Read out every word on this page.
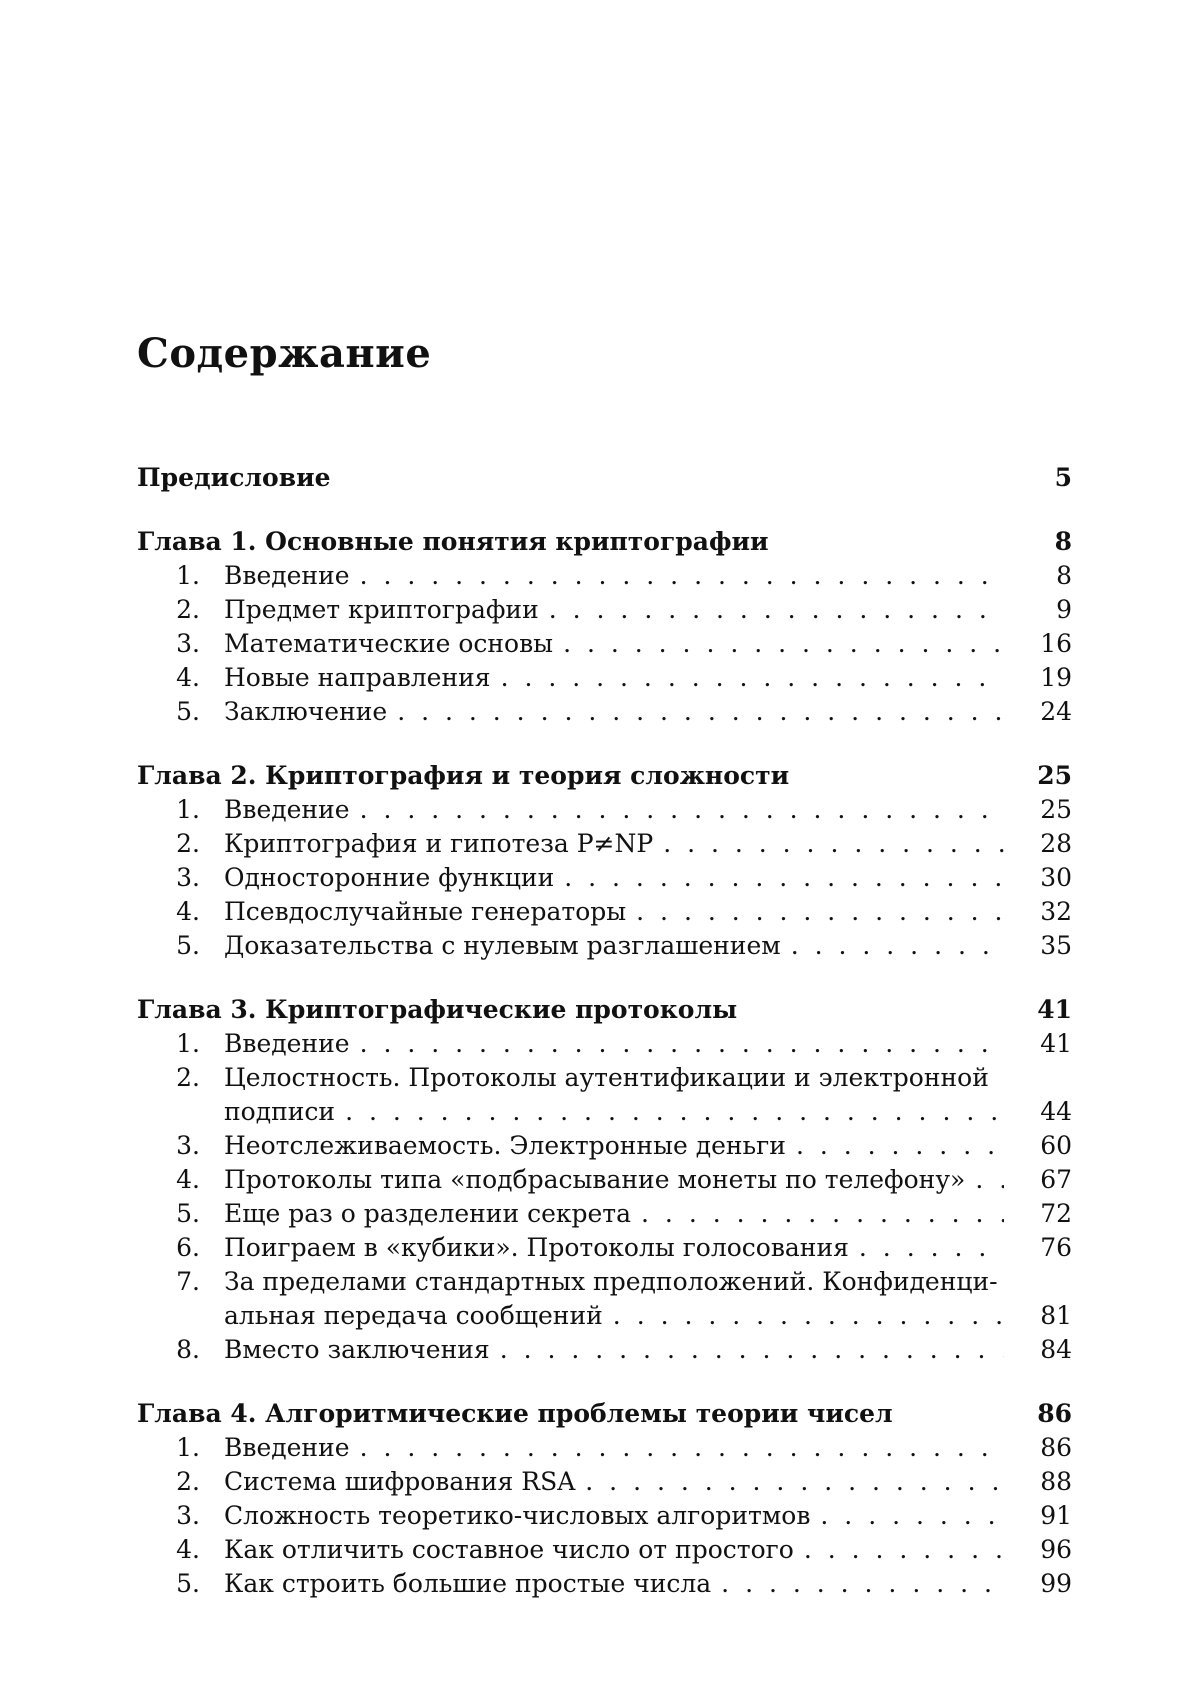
Содержание
Предисловие	5
Глава 1. Основные понятия криптографии	8
1. Введение . . .	8
2. Предмет криптографии . . .	9
3. Математические основы . . .	16
4. Новые направления . . .	19
5. Заключение . . .	24
Глава 2. Криптография и теория сложности	25
1. Введение . . .	25
2. Криптография и гипотеза P≠NP . . .	28
3. Односторонние функции . . .	30
4. Псевдослучайные генераторы . . .	32
5. Доказательства с нулевым разглашением . . .	35
Глава 3. Криптографические протоколы	41
1. Введение . . .	41
2. Целостность. Протоколы аутентификации и электронной
подписи . . .	44
3. Неотслеживаемость. Электронные деньги . . .	60
4. Протоколы типа «подбрасывание монеты по телефону» . . .	67
5. Еще раз о разделении секрета . . .	72
6. Поиграем в «кубики». Протоколы голосования . . .	76
7. За пределами стандартных предположений. Конфиденци-
альная передача сообщений . . .	81
8. Вместо заключения . . .	84
Глава 4. Алгоритмические проблемы теории чисел	86
1. Введение . . .	86
2. Система шифрования RSA . . .	88
3. Сложность теоретико-числовых алгоритмов . . .	91
4. Как отличить составное число от простого . . .	96
5. Как строить большие простые числа . . .	99
